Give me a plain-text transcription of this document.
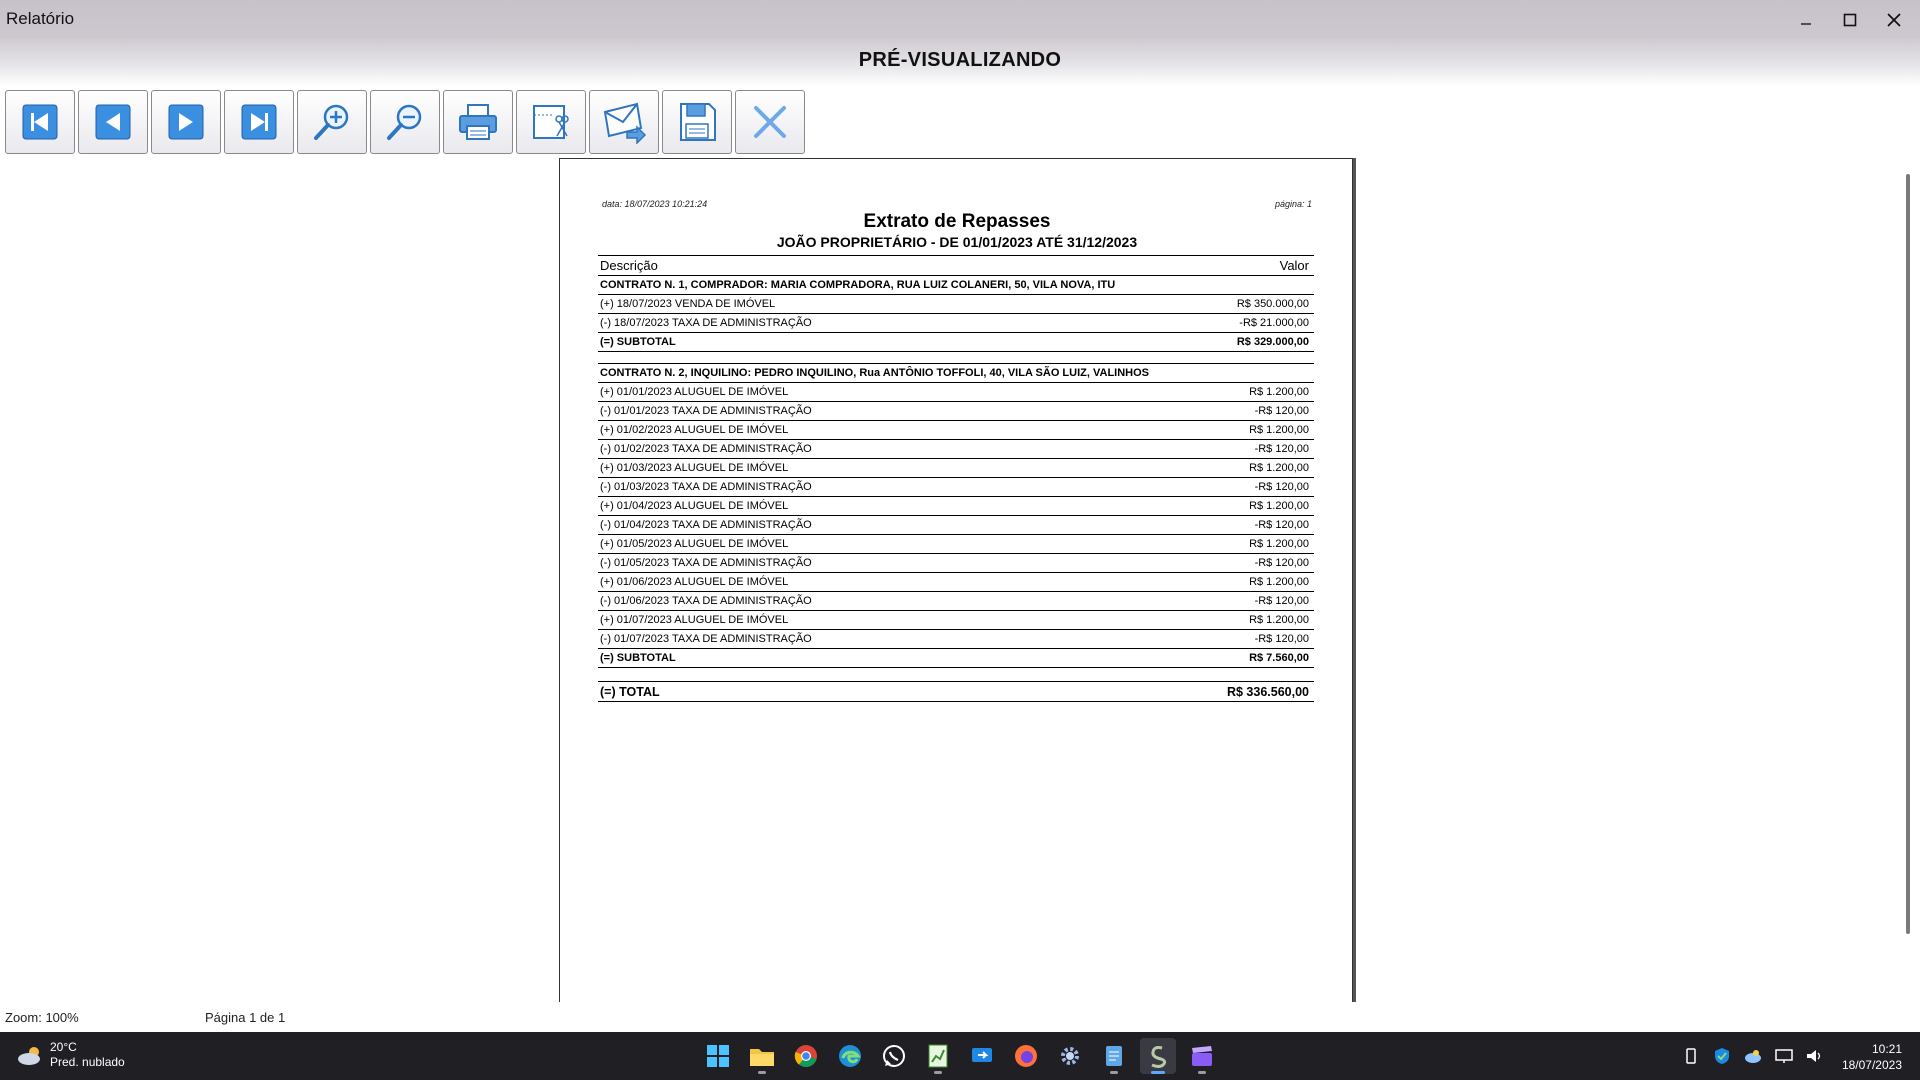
Relatório
PRÉ-VISUALIZANDO
data: 18/07/2023 10:21:24	página: 1
Extrato de Repasses
JOÃO PROPRIETÁRIO - DE 01/01/2023 ATÉ 31/12/2023
Descrição	Valor
CONTRATO N. 1, COMPRADOR: MARIA COMPRADORA, RUA LUIZ COLANERI, 50, VILA NOVA, ITU	
(+) 18/07/2023 VENDA DE IMÓVEL	R$ 350.000,00
(-) 18/07/2023 TAXA DE ADMINISTRAÇÃO	-R$ 21.000,00
(=) SUBTOTAL	R$ 329.000,00

CONTRATO N. 2, INQUILINO: PEDRO INQUILINO, Rua ANTÔNIO TOFFOLI, 40, VILA SÃO LUIZ, VALINHOS	
(+) 01/01/2023 ALUGUEL DE IMÓVEL	R$ 1.200,00
(-) 01/01/2023 TAXA DE ADMINISTRAÇÃO	-R$ 120,00
(+) 01/02/2023 ALUGUEL DE IMÓVEL	R$ 1.200,00
(-) 01/02/2023 TAXA DE ADMINISTRAÇÃO	-R$ 120,00
(+) 01/03/2023 ALUGUEL DE IMÓVEL	R$ 1.200,00
(-) 01/03/2023 TAXA DE ADMINISTRAÇÃO	-R$ 120,00
(+) 01/04/2023 ALUGUEL DE IMÓVEL	R$ 1.200,00
(-) 01/04/2023 TAXA DE ADMINISTRAÇÃO	-R$ 120,00
(+) 01/05/2023 ALUGUEL DE IMÓVEL	R$ 1.200,00
(-) 01/05/2023 TAXA DE ADMINISTRAÇÃO	-R$ 120,00
(+) 01/06/2023 ALUGUEL DE IMÓVEL	R$ 1.200,00
(-) 01/06/2023 TAXA DE ADMINISTRAÇÃO	-R$ 120,00
(+) 01/07/2023 ALUGUEL DE IMÓVEL	R$ 1.200,00
(-) 01/07/2023 TAXA DE ADMINISTRAÇÃO	-R$ 120,00
(=) SUBTOTAL	R$ 7.560,00

(=) TOTAL	R$ 336.560,00
Zoom: 100%	Página 1 de 1
20°C
Pred. nublado
10:21
18/07/2023
